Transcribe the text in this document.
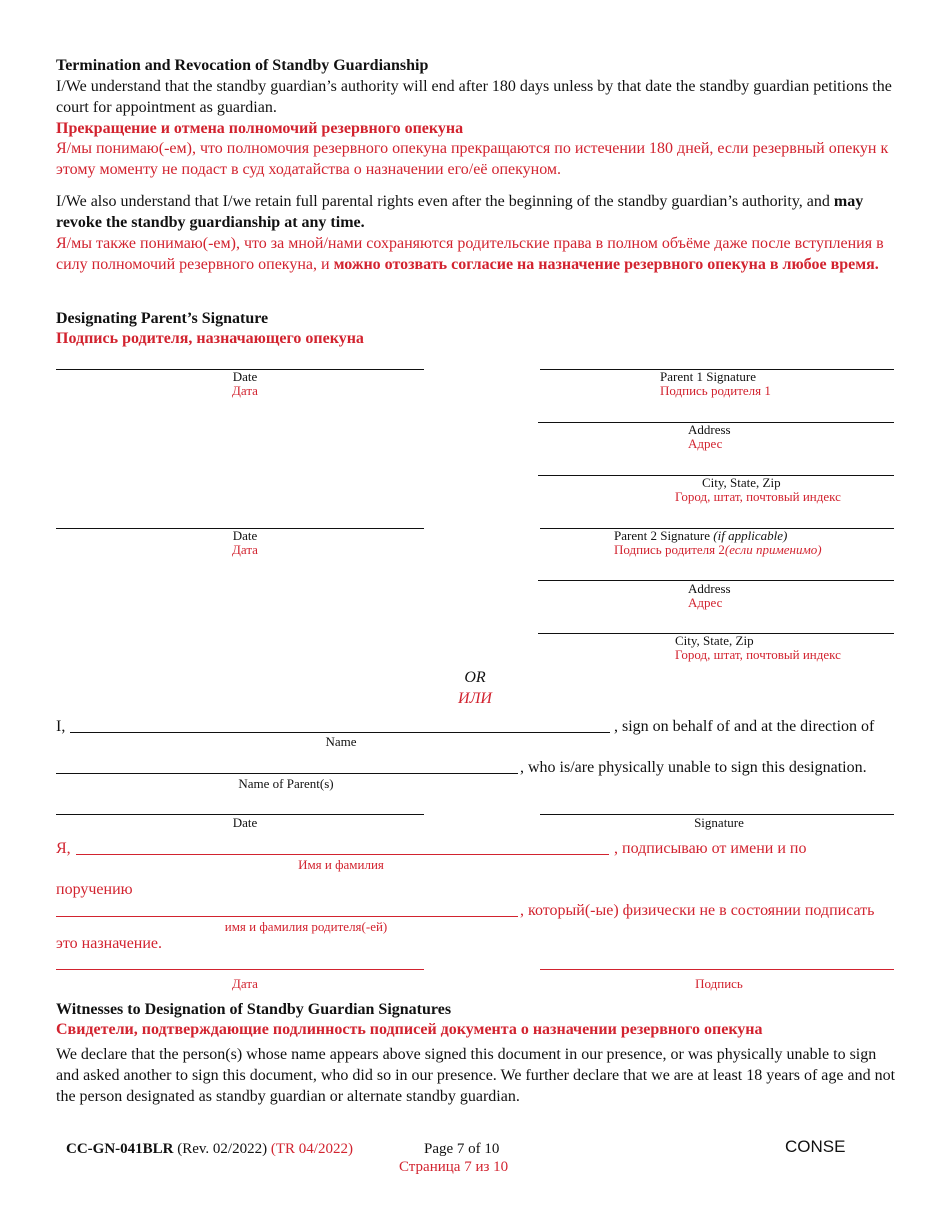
Termination and Revocation of Standby Guardianship
I/We understand that the standby guardian’s authority will end after 180 days unless by that date the standby guardian petitions the court for appointment as guardian.
Прекращение и отмена полномочий резервного опекуна
Я/мы понимаю(-ем), что полномочия резервного опекуна прекращаются по истечении 180 дней, если резервный опекун к этому моменту не подаст в суд ходатайства о назначении его/её опекуном.
I/We also understand that I/we retain full parental rights even after the beginning of the standby guardian’s authority, and may revoke the standby guardianship at any time.
Я/мы также понимаю(-ем), что за мной/нами сохраняются родительские права в полном объёме даже после вступления в силу полномочий резервного опекуна, и можно отозвать согласие на назначение резервного опекуна в любое время.
Designating Parent’s Signature
Подпись родителя, назначающего опекуна
Date
Дата
Parent 1 Signature
Подпись родителя 1
Address
Адрес
City, State, Zip
Город, штат, почтовый индекс
Date
Дата
Parent 2 Signature (if applicable)
Подпись родителя 2(если применимо)
Address
Адрес
City, State, Zip
Город, штат, почтовый индекс
OR
ИЛИ
I,	, sign on behalf of and at the direction of
Name
, who is/are physically unable to sign this designation.
Name of Parent(s)
Date	Signature
Я,	, подписываю от имени и по
Имя и фамилия
поручению
, который(-ые) физически не в состоянии подписать
имя и фамилия родителя(-ей)
это назначение.
Дата	Подпись
Witnesses to Designation of Standby Guardian Signatures
Свидетели, подтверждающие подлинность подписей документа о назначении резервного опекуна
We declare that the person(s) whose name appears above signed this document in our presence, or was physically unable to sign and asked another to sign this document, who did so in our presence. We further declare that we are at least 18 years of age and not the person designated as standby guardian or alternate standby guardian.
CC-GN-041BLR (Rev. 02/2022) (TR 04/2022)	Page 7 of 10
Страница 7 из 10
CONSE
